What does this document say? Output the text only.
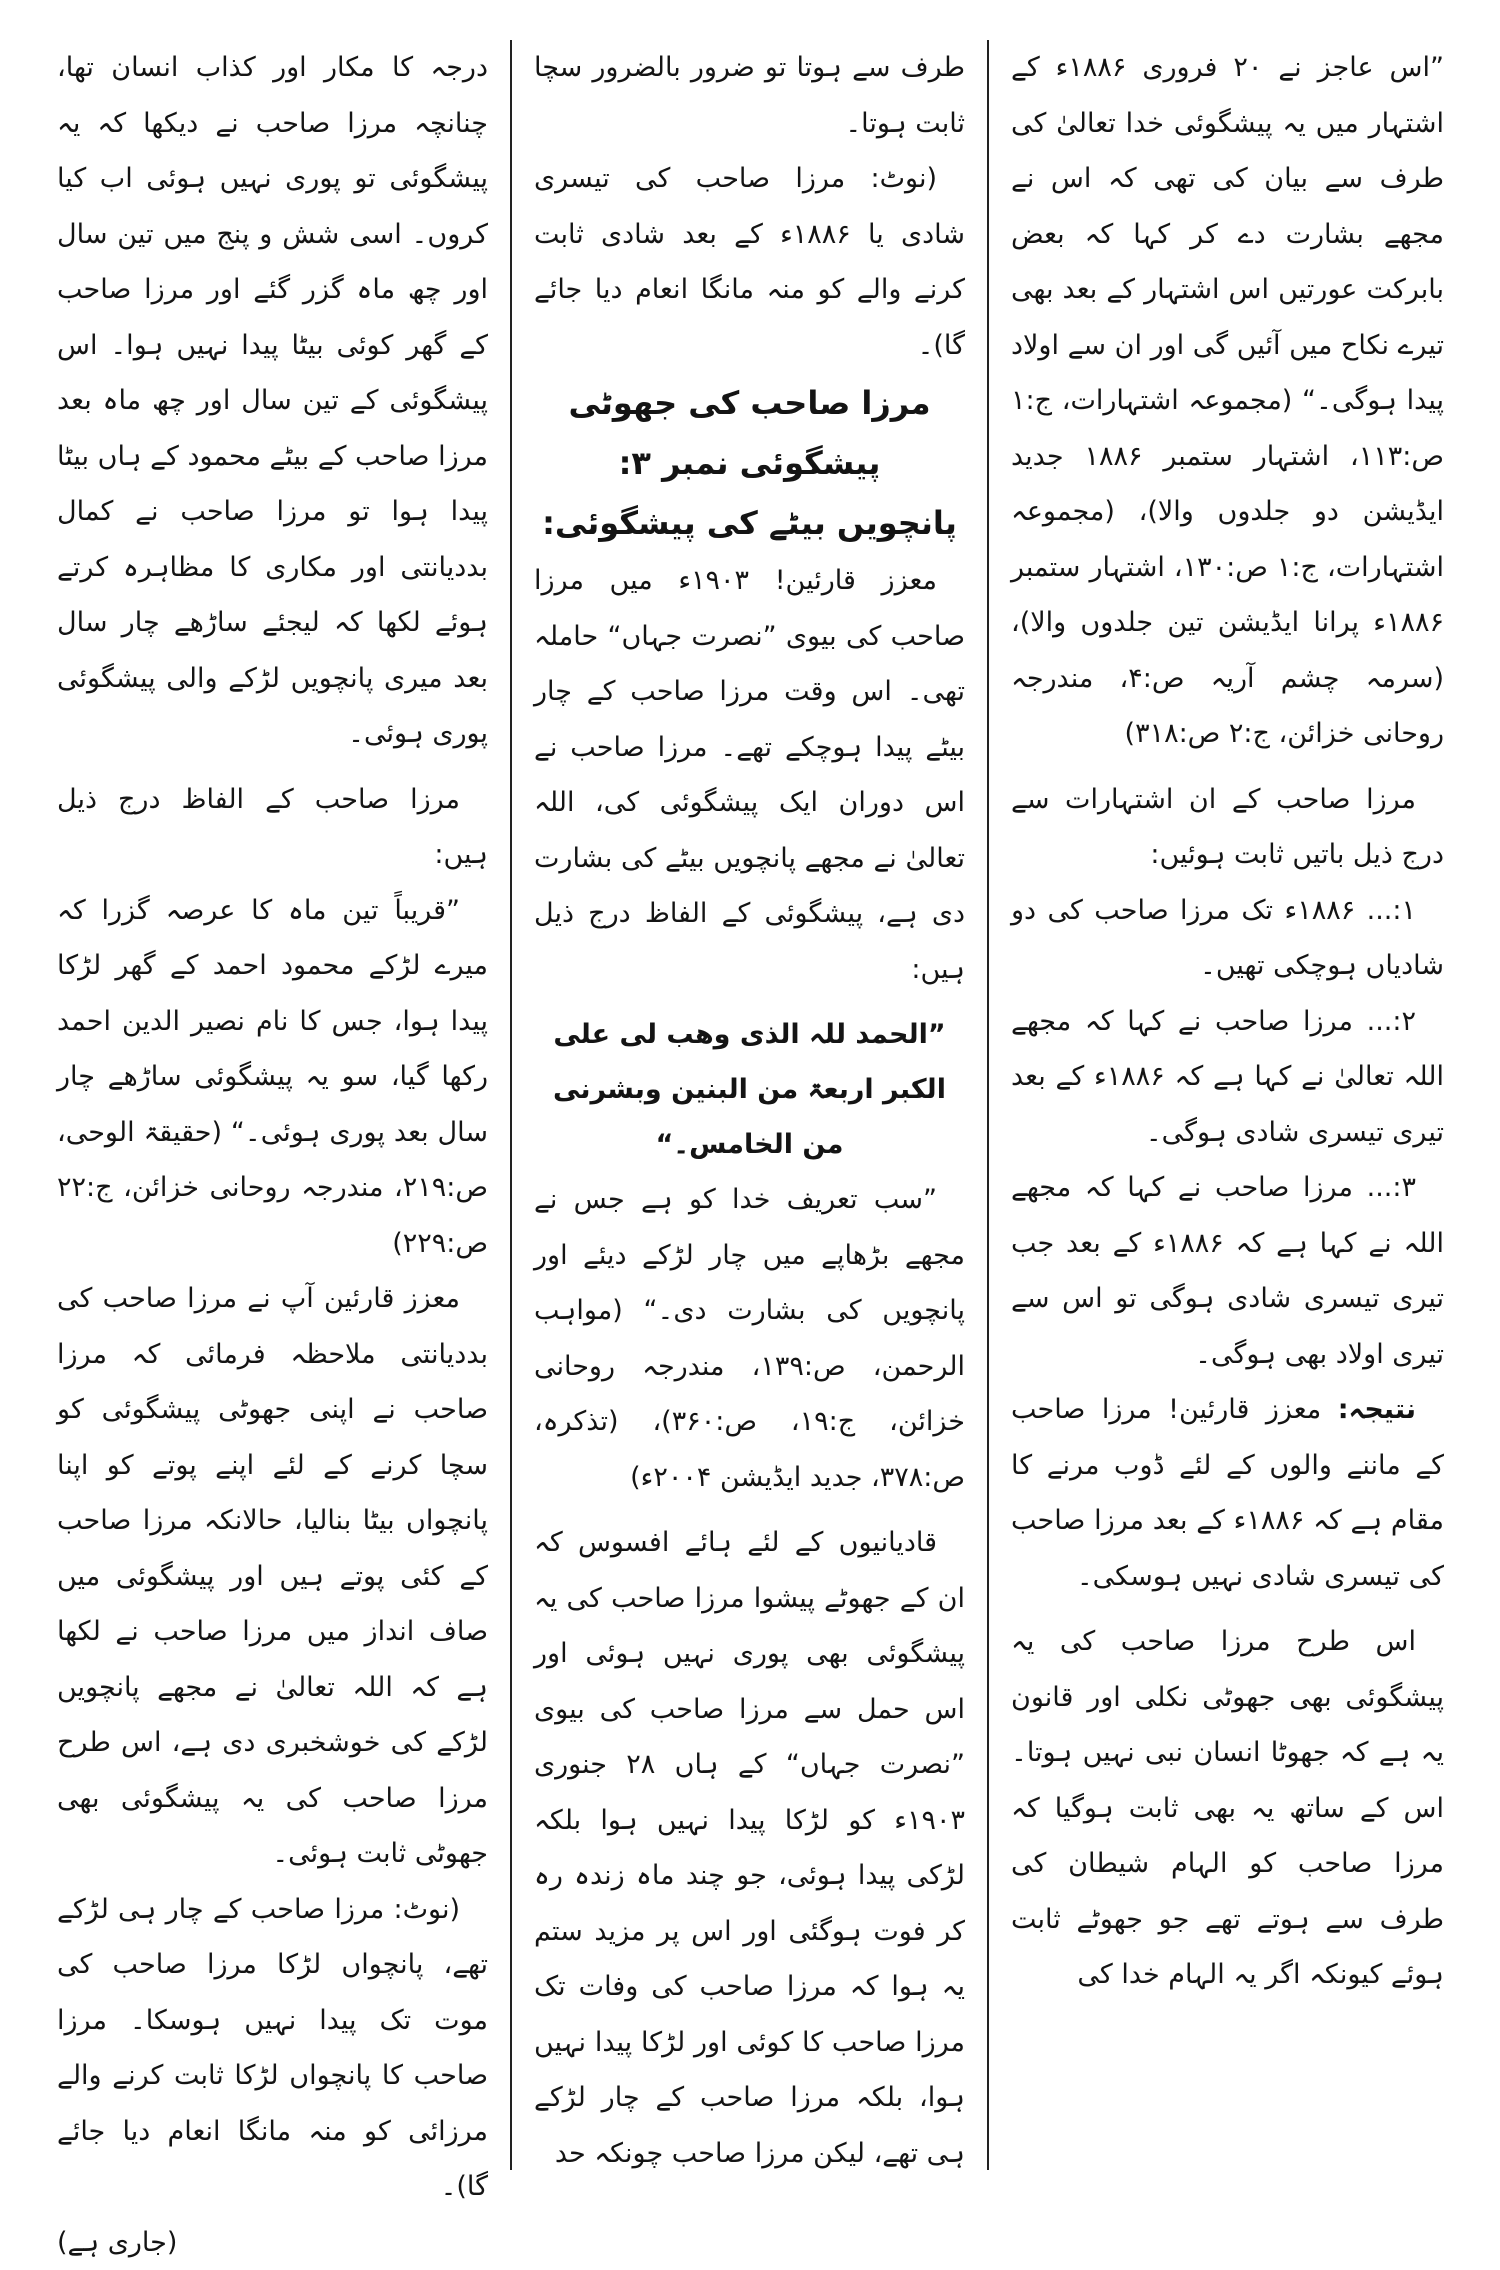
”اس عاجز نے ۲۰ فروری ۱۸۸۶ء کے اشتہار میں یہ پیشگوئی خدا تعالیٰ کی طرف سے بیان کی تھی کہ اس نے مجھے بشارت دے کر کہا کہ بعض بابرکت عورتیں اس اشتہار کے بعد بھی تیرے نکاح میں آئیں گی اور ان سے اولاد پیدا ہوگی۔“ (مجموعہ اشتہارات، ج:۱ ص:۱۱۳، اشتہار ستمبر ۱۸۸۶ جدید ایڈیشن دو جلدوں والا)، (مجموعہ اشتہارات، ج:۱ ص:۱۳۰، اشتہار ستمبر ۱۸۸۶ء پرانا ایڈیشن تین جلدوں والا)، (سرمہ چشم آریہ ص:۴، مندرجہ روحانی خزائن، ج:۲ ص:۳۱۸)

مرزا صاحب کے ان اشتہارات سے درج ذیل باتیں ثابت ہوئیں:

۱:... ۱۸۸۶ء تک مرزا صاحب کی دو شادیاں ہوچکی تھیں۔

۲:... مرزا صاحب نے کہا کہ مجھے اللہ تعالیٰ نے کہا ہے کہ ۱۸۸۶ء کے بعد تیری تیسری شادی ہوگی۔

۳:... مرزا صاحب نے کہا کہ مجھے اللہ نے کہا ہے کہ ۱۸۸۶ء کے بعد جب تیری تیسری شادی ہوگی تو اس سے تیری اولاد بھی ہوگی۔

نتیجہ: معزز قارئین! مرزا صاحب کے ماننے والوں کے لئے ڈوب مرنے کا مقام ہے کہ ۱۸۸۶ء کے بعد مرزا صاحب کی تیسری شادی نہیں ہوسکی۔

اس طرح مرزا صاحب کی یہ پیشگوئی بھی جھوٹی نکلی اور قانون یہ ہے کہ جھوٹا انسان نبی نہیں ہوتا۔ اس کے ساتھ یہ بھی ثابت ہوگیا کہ مرزا صاحب کو الہام شیطان کی طرف سے ہوتے تھے جو جھوٹے ثابت ہوئے کیونکہ اگر یہ الہام خدا کی

طرف سے ہوتا تو ضرور بالضرور سچا ثابت ہوتا۔

(نوٹ: مرزا صاحب کی تیسری شادی یا ۱۸۸۶ء کے بعد شادی ثابت کرنے والے کو منہ مانگا انعام دیا جائے گا)۔

مرزا صاحب کی جھوٹی پیشگوئی نمبر ۳:

پانچویں بیٹے کی پیشگوئی:

معزز قارئین! ۱۹۰۳ء میں مرزا صاحب کی بیوی ”نصرت جہاں“ حاملہ تھی۔ اس وقت مرزا صاحب کے چار بیٹے پیدا ہوچکے تھے۔ مرزا صاحب نے اس دوران ایک پیشگوئی کی، اللہ تعالیٰ نے مجھے پانچویں بیٹے کی بشارت دی ہے، پیشگوئی کے الفاظ درج ذیل ہیں:

”الحمد للہ الذی وھب لی علی الکبر اربعۃ من البنین وبشرنی من الخامس۔“

”سب تعریف خدا کو ہے جس نے مجھے بڑھاپے میں چار لڑکے دیئے اور پانچویں کی بشارت دی۔“ (مواہب الرحمن، ص:۱۳۹، مندرجہ روحانی خزائن، ج:۱۹، ص:۳۶۰)، (تذکرہ، ص:۳۷۸، جدید ایڈیشن ۲۰۰۴ء)

قادیانیوں کے لئے ہائے افسوس کہ ان کے جھوٹے پیشوا مرزا صاحب کی یہ پیشگوئی بھی پوری نہیں ہوئی اور اس حمل سے مرزا صاحب کی بیوی ”نصرت جہاں“ کے ہاں ۲۸ جنوری ۱۹۰۳ء کو لڑکا پیدا نہیں ہوا بلکہ لڑکی پیدا ہوئی، جو چند ماہ زندہ رہ کر فوت ہوگئی اور اس پر مزید ستم یہ ہوا کہ مرزا صاحب کی وفات تک مرزا صاحب کا کوئی اور لڑکا پیدا نہیں ہوا، بلکہ مرزا صاحب کے چار لڑکے ہی تھے، لیکن مرزا صاحب چونکہ حد

درجہ کا مکار اور کذاب انسان تھا، چنانچہ مرزا صاحب نے دیکھا کہ یہ پیشگوئی تو پوری نہیں ہوئی اب کیا کروں۔ اسی شش و پنج میں تین سال اور چھ ماہ گزر گئے اور مرزا صاحب کے گھر کوئی بیٹا پیدا نہیں ہوا۔ اس پیشگوئی کے تین سال اور چھ ماہ بعد مرزا صاحب کے بیٹے محمود کے ہاں بیٹا پیدا ہوا تو مرزا صاحب نے کمال بددیانتی اور مکاری کا مظاہرہ کرتے ہوئے لکھا کہ لیجئے ساڑھے چار سال بعد میری پانچویں لڑکے والی پیشگوئی پوری ہوئی۔

مرزا صاحب کے الفاظ درج ذیل ہیں:

”قریباً تین ماہ کا عرصہ گزرا کہ میرے لڑکے محمود احمد کے گھر لڑکا پیدا ہوا، جس کا نام نصیر الدین احمد رکھا گیا، سو یہ پیشگوئی ساڑھے چار سال بعد پوری ہوئی۔“ (حقیقۃ الوحی، ص:۲۱۹، مندرجہ روحانی خزائن، ج:۲۲ ص:۲۲۹)

معزز قارئین آپ نے مرزا صاحب کی بددیانتی ملاحظہ فرمائی کہ مرزا صاحب نے اپنی جھوٹی پیشگوئی کو سچا کرنے کے لئے اپنے پوتے کو اپنا پانچواں بیٹا بنالیا، حالانکہ مرزا صاحب کے کئی پوتے ہیں اور پیشگوئی میں صاف انداز میں مرزا صاحب نے لکھا ہے کہ اللہ تعالیٰ نے مجھے پانچویں لڑکے کی خوشخبری دی ہے، اس طرح مرزا صاحب کی یہ پیشگوئی بھی جھوٹی ثابت ہوئی۔

(نوٹ: مرزا صاحب کے چار ہی لڑکے تھے، پانچواں لڑکا مرزا صاحب کی موت تک پیدا نہیں ہوسکا۔ مرزا صاحب کا پانچواں لڑکا ثابت کرنے والے مرزائی کو منہ مانگا انعام دیا جائے گا)۔

(جاری ہے)
